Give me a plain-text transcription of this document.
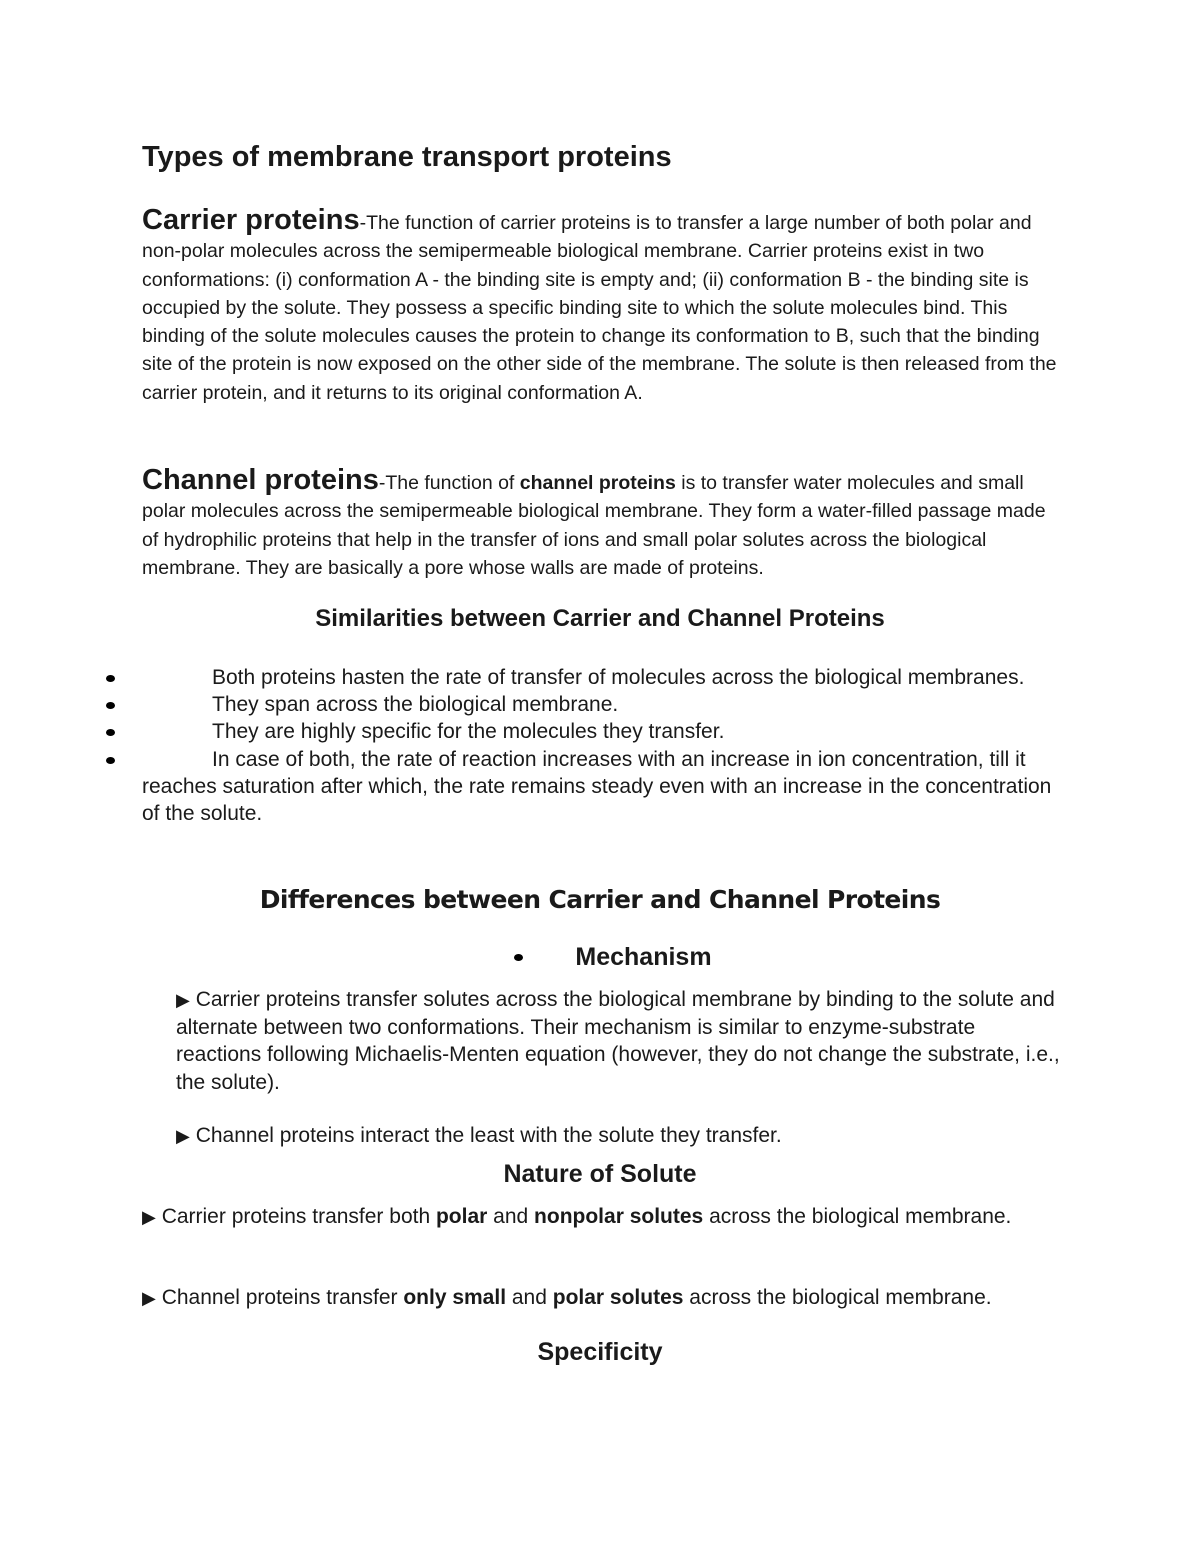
Types of membrane transport proteins

Carrier proteins-The function of carrier proteins is to transfer a large number of both polar and non-polar molecules across the semipermeable biological membrane. Carrier proteins exist in two conformations: (i) conformation A - the binding site is empty and; (ii) conformation B - the binding site is occupied by the solute. They possess a specific binding site to which the solute molecules bind. This binding of the solute molecules causes the protein to change its conformation to B, such that the binding site of the protein is now exposed on the other side of the membrane. The solute is then released from the carrier protein, and it returns to its original conformation A.

Channel proteins-The function of channel proteins is to transfer water molecules and small polar molecules across the semipermeable biological membrane. They form a water-filled passage made of hydrophilic proteins that help in the transfer of ions and small polar solutes across the biological membrane. They are basically a pore whose walls are made of proteins.

Similarities between Carrier and Channel Proteins
Both proteins hasten the rate of transfer of molecules across the biological membranes.
They span across the biological membrane.
They are highly specific for the molecules they transfer.
In case of both, the rate of reaction increases with an increase in ion concentration, till it reaches saturation after which, the rate remains steady even with an increase in the concentration of the solute.
Differences between Carrier and Channel Proteins
Mechanism

▶ Carrier proteins transfer solutes across the biological membrane by binding to the solute and alternate between two conformations. Their mechanism is similar to enzyme-substrate reactions following Michaelis-Menten equation (however, they do not change the substrate, i.e., the solute).

▶ Channel proteins interact the least with the solute they transfer.

Nature of Solute

▶ Carrier proteins transfer both polar and nonpolar solutes across the biological membrane.

▶ Channel proteins transfer only small and polar solutes across the biological membrane.

Specificity
